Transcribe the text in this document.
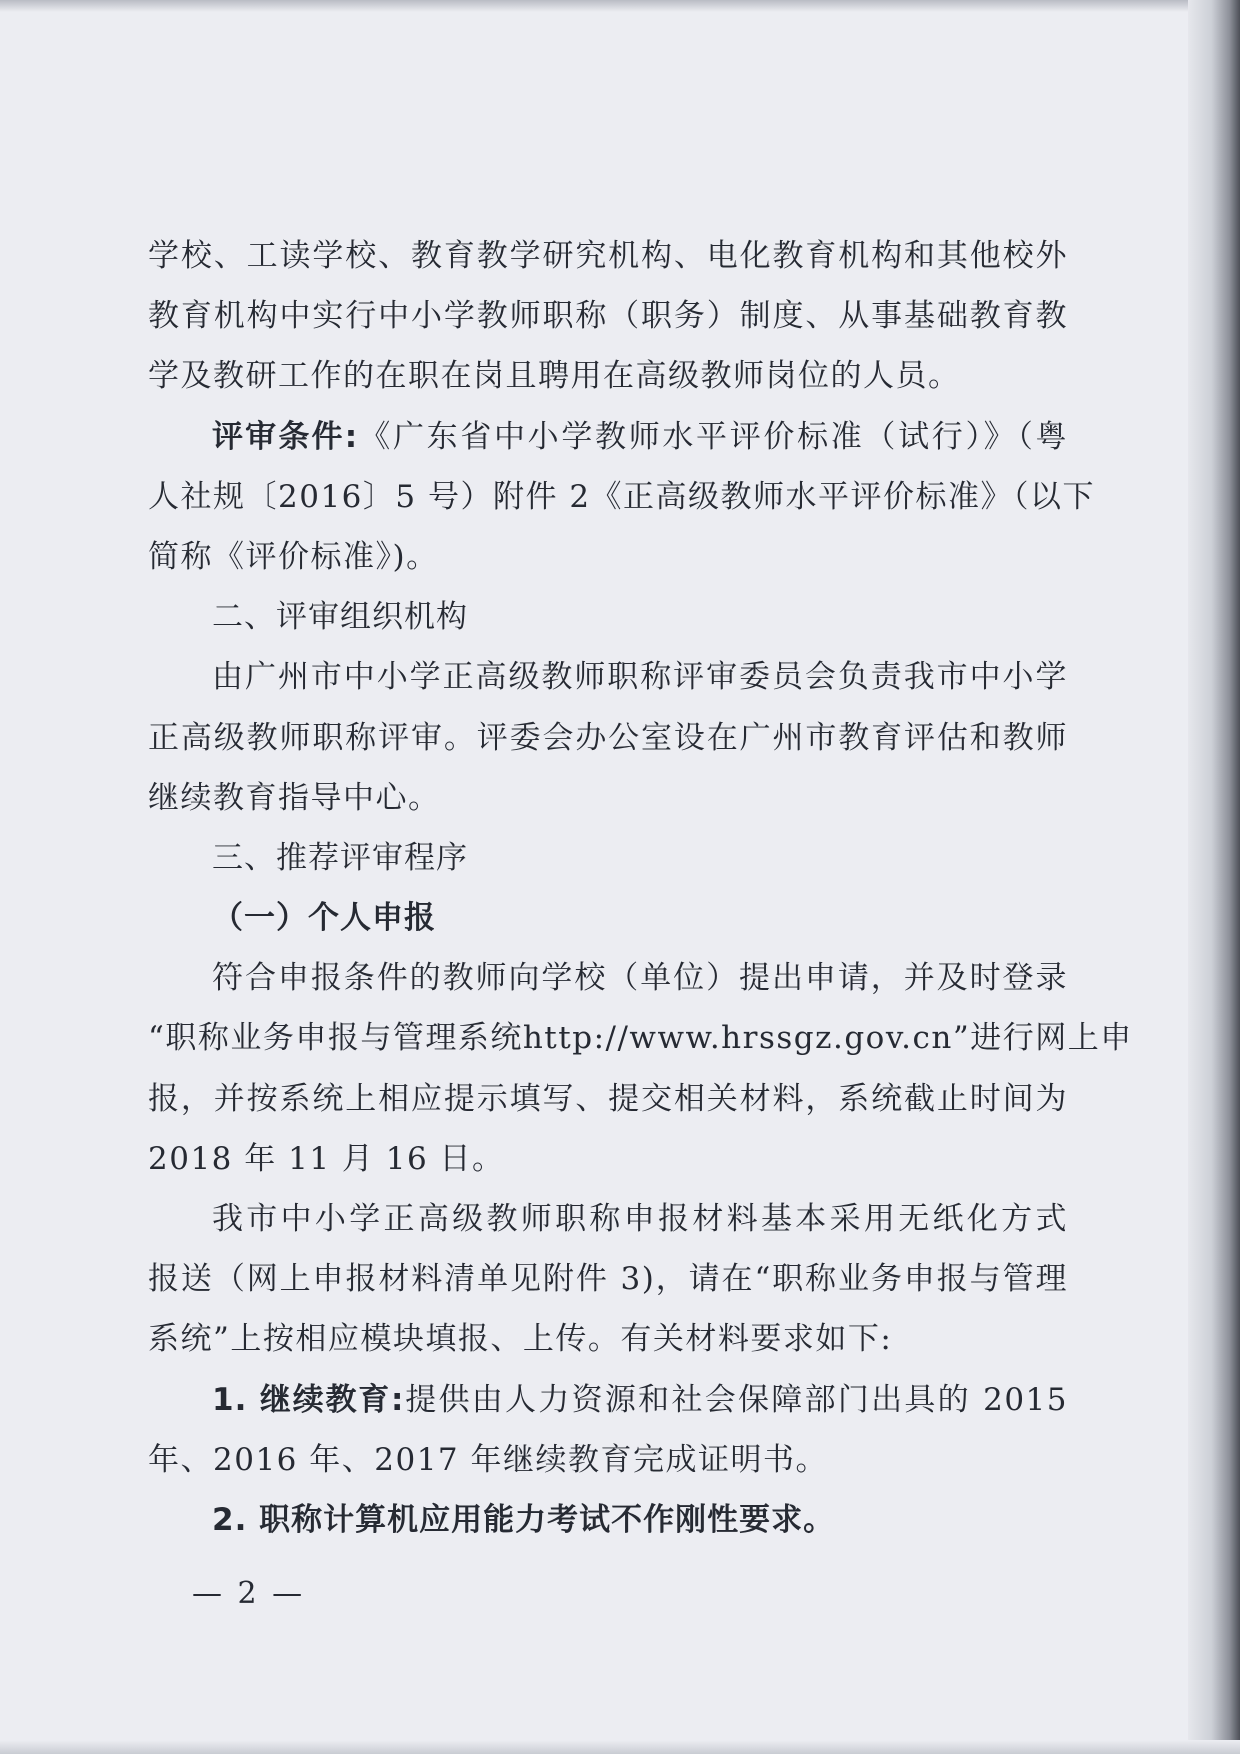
学校、工读学校、教育教学研究机构、电化教育机构和其他校外
教育机构中实行中小学教师职称（职务）制度、从事基础教育教
学及教研工作的在职在岗且聘用在高级教师岗位的人员。
评审条件:《广东省中小学教师水平评价标准（试行）》（粤
人社规〔2016〕5 号）附件 2《正高级教师水平评价标准》（以下
简称《评价标准》)。
二、评审组织机构
由广州市中小学正高级教师职称评审委员会负责我市中小学
正高级教师职称评审。评委会办公室设在广州市教育评估和教师
继续教育指导中心。
三、推荐评审程序
（一）个人申报
符合申报条件的教师向学校（单位）提出申请，并及时登录
“职称业务申报与管理系统http://www.hrssgz.gov.cn”进行网上申
报，并按系统上相应提示填写、提交相关材料，系统截止时间为
2018 年 11 月 16 日。
我市中小学正高级教师职称申报材料基本采用无纸化方式
报送（网上申报材料清单见附件 3)，请在“职称业务申报与管理
系统”上按相应模块填报、上传。有关材料要求如下:
1. 继续教育:提供由人力资源和社会保障部门出具的 2015
年、2016 年、2017 年继续教育完成证明书。
2. 职称计算机应用能力考试不作刚性要求。
— 2 —
